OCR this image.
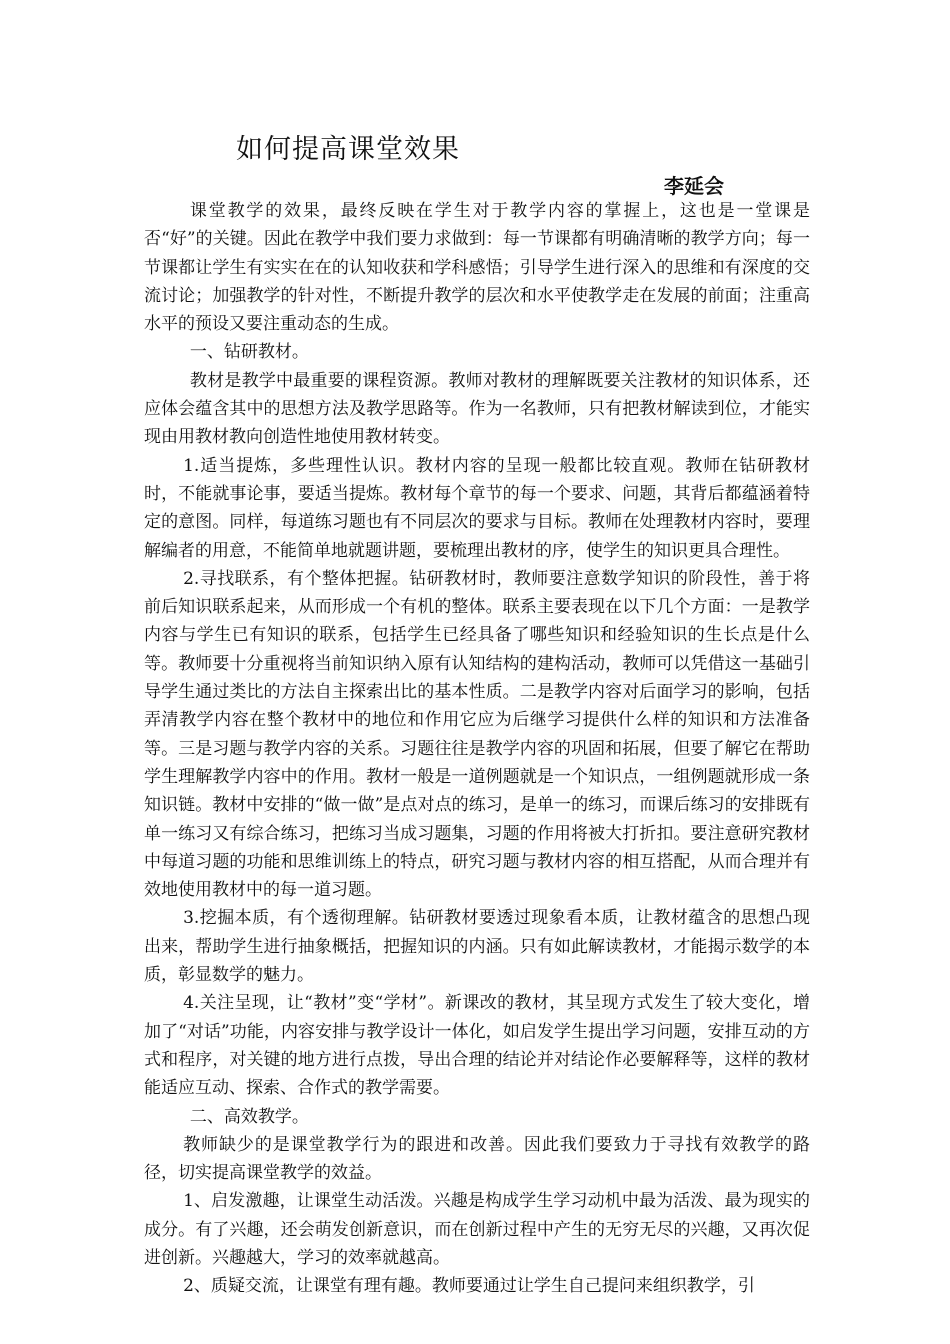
如何提高课堂效果
李延会

课堂教学的效果，最终反映在学生对于教学内容的掌握上，这也是一堂课是否“好”的关键。因此在教学中我们要力求做到：每一节课都有明确清晰的教学方向；每一节课都让学生有实实在在的认知收获和学科感悟；引导学生进行深入的思维和有深度的交流讨论；加强教学的针对性，不断提升教学的层次和水平使教学走在发展的前面；注重高水平的预设又要注重动态的生成。

一、钻研教材。

教材是教学中最重要的课程资源。教师对教材的理解既要关注教材的知识体系，还应体会蕴含其中的思想方法及教学思路等。作为一名教师，只有把教材解读到位，才能实现由用教材教向创造性地使用教材转变。

1.适当提炼，多些理性认识。教材内容的呈现一般都比较直观。教师在钻研教材时，不能就事论事，要适当提炼。教材每个章节的每一个要求、问题，其背后都蕴涵着特定的意图。同样，每道练习题也有不同层次的要求与目标。教师在处理教材内容时，要理解编者的用意，不能简单地就题讲题，要梳理出教材的序，使学生的知识更具合理性。

2.寻找联系，有个整体把握。钻研教材时，教师要注意数学知识的阶段性，善于将前后知识联系起来，从而形成一个有机的整体。联系主要表现在以下几个方面：一是教学内容与学生已有知识的联系，包括学生已经具备了哪些知识和经验知识的生长点是什么等。教师要十分重视将当前知识纳入原有认知结构的建构活动，教师可以凭借这一基础引导学生通过类比的方法自主探索出比的基本性质。二是教学内容对后面学习的影响，包括弄清教学内容在整个教材中的地位和作用它应为后继学习提供什么样的知识和方法准备等。三是习题与教学内容的关系。习题往往是教学内容的巩固和拓展，但要了解它在帮助学生理解教学内容中的作用。教材一般是一道例题就是一个知识点，一组例题就形成一条知识链。教材中安排的“做一做”是点对点的练习，是单一的练习，而课后练习的安排既有单一练习又有综合练习，把练习当成习题集，习题的作用将被大打折扣。要注意研究教材中每道习题的功能和思维训练上的特点，研究习题与教材内容的相互搭配，从而合理并有效地使用教材中的每一道习题。

3.挖掘本质，有个透彻理解。钻研教材要透过现象看本质，让教材蕴含的思想凸现出来，帮助学生进行抽象概括，把握知识的内涵。只有如此解读教材，才能揭示数学的本质，彰显数学的魅力。

4.关注呈现，让“教材”变“学材”。新课改的教材，其呈现方式发生了较大变化，增加了“对话”功能，内容安排与教学设计一体化，如启发学生提出学习问题，安排互动的方式和程序，对关键的地方进行点拨，导出合理的结论并对结论作必要解释等，这样的教材能适应互动、探索、合作式的教学需要。

二、高效教学。

教师缺少的是课堂教学行为的跟进和改善。因此我们要致力于寻找有效教学的路径，切实提高课堂教学的效益。

1、启发激趣，让课堂生动活泼。兴趣是构成学生学习动机中最为活泼、最为现实的成分。有了兴趣，还会萌发创新意识，而在创新过程中产生的无穷无尽的兴趣，又再次促进创新。兴趣越大，学习的效率就越高。

2、质疑交流，让课堂有理有趣。教师要通过让学生自己提问来组织教学，引
